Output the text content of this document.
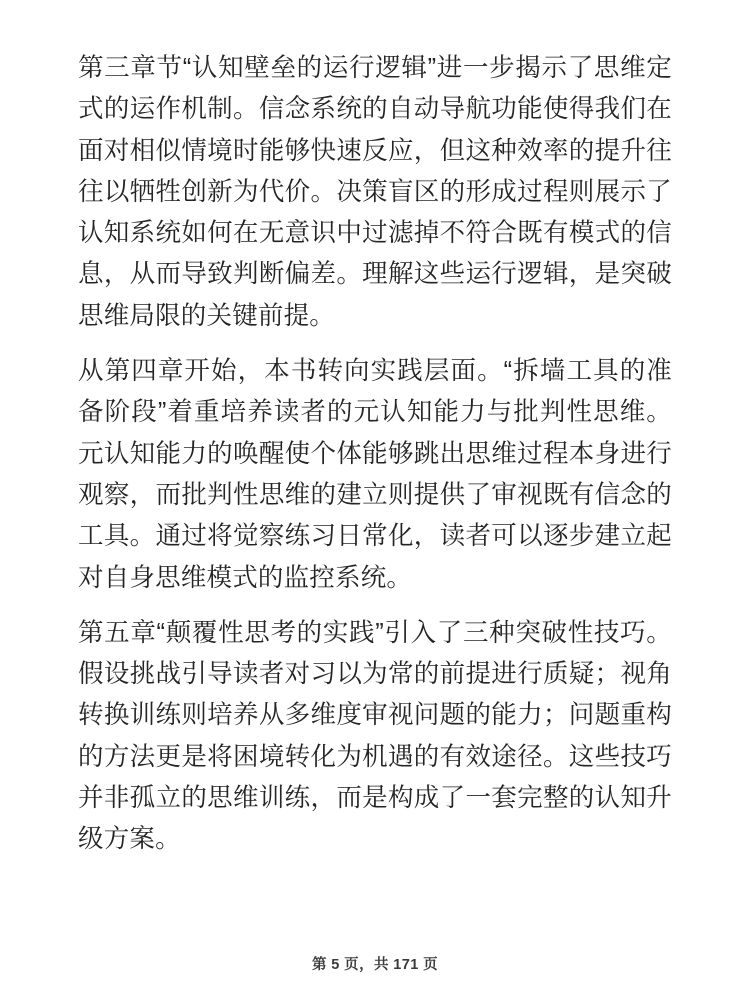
第三章节“认知壁垒的运行逻辑”进一步揭示了思维定式的运作机制。信念系统的自动导航功能使得我们在面对相似情境时能够快速反应，但这种效率的提升往往以牺牲创新为代价。决策盲区的形成过程则展示了认知系统如何在无意识中过滤掉不符合既有模式的信息，从而导致判断偏差。理解这些运行逻辑，是突破思维局限的关键前提。

从第四章开始，本书转向实践层面。“拆墙工具的准备阶段”着重培养读者的元认知能力与批判性思维。元认知能力的唤醒使个体能够跳出思维过程本身进行观察，而批判性思维的建立则提供了审视既有信念的工具。通过将觉察练习日常化，读者可以逐步建立起对自身思维模式的监控系统。

第五章“颠覆性思考的实践”引入了三种突破性技巧。假设挑战引导读者对习以为常的前提进行质疑；视角转换训练则培养从多维度审视问题的能力；问题重构的方法更是将困境转化为机遇的有效途径。这些技巧并非孤立的思维训练，而是构成了一套完整的认知升级方案。

第 5 页，共 171 页
